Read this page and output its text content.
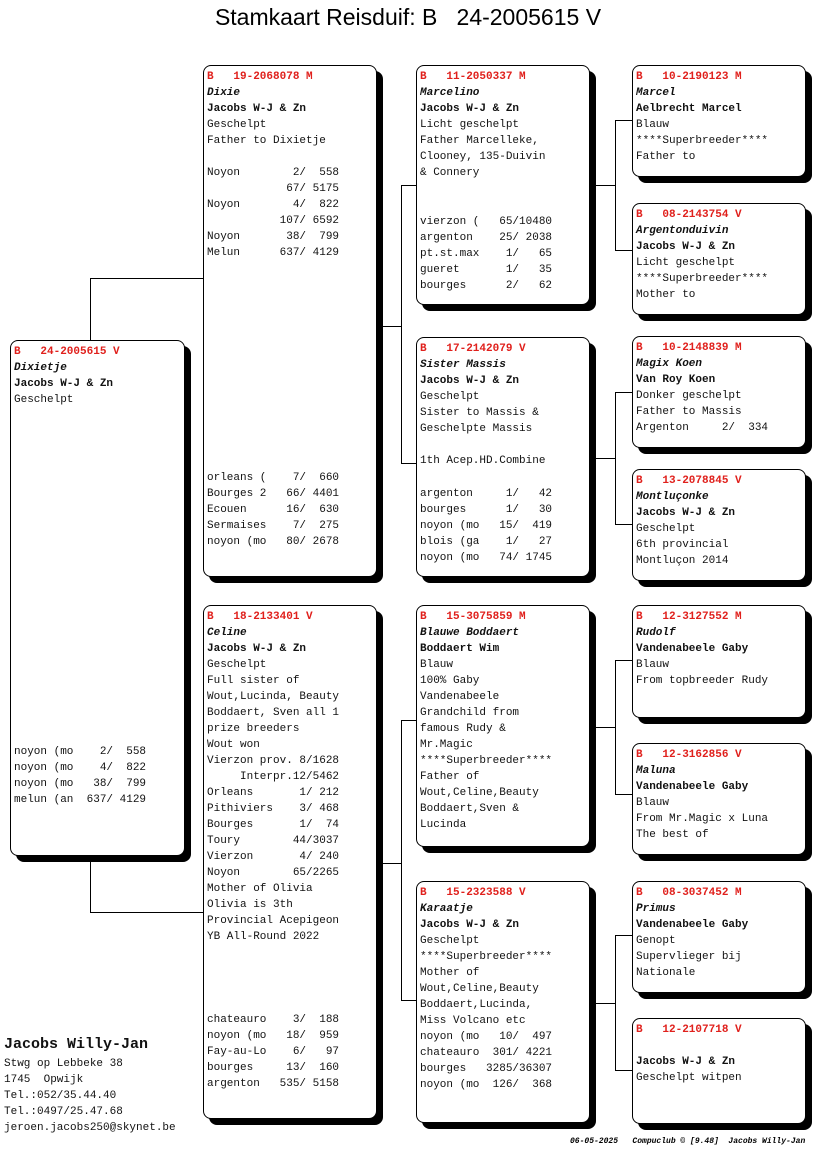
Stamkaart Reisduif: B   24-2005615 V
B   24-2005615 V
Dixietje
Jacobs W-J & Zn
Geschelpt
noyon (mo    2/  558
noyon (mo    4/  822
noyon (mo   38/  799
melun (an  637/ 4129
B   19-2068078 M
Dixie
Jacobs W-J & Zn
Geschelpt
Father to Dixietje
Noyon        2/  558
67/ 5175
Noyon        4/  822
107/ 6592
Noyon       38/  799
Melun      637/ 4129
orleans (    7/  660
Bourges 2   66/ 4401
Ecouen      16/  630
Sermaises    7/  275
noyon (mo   80/ 2678
B   18-2133401 V
Celine
Jacobs W-J & Zn
Geschelpt
Full sister of
Wout,Lucinda, Beauty
Boddaert, Sven all 1
prize breeders
Wout won
Vierzon prov. 8/1628
Interpr.12/5462
Orleans       1/ 212
Pithiviers    3/ 468
Bourges       1/  74
Toury        44/3037
Vierzon       4/ 240
Noyon        65/2265
Mother of Olivia
Olivia is 3th
Provincial Acepigeon
YB All-Round 2022
chateauro    3/  188
noyon (mo   18/  959
Fay-au-Lo    6/   97
bourges     13/  160
argenton   535/ 5158
B   11-2050337 M
Marcelino
Jacobs W-J & Zn
Licht geschelpt
Father Marcelleke,
Clooney, 135-Duivin
& Connery
vierzon (   65/10480
argenton    25/ 2038
pt.st.max    1/   65
gueret       1/   35
bourges      2/   62
B   17-2142079 V
Sister Massis
Jacobs W-J & Zn
Geschelpt
Sister to Massis &
Geschelpte Massis
1th Acep.HD.Combine
argenton     1/   42
bourges      1/   30
noyon (mo   15/  419
blois (ga    1/   27
noyon (mo   74/ 1745
B   15-3075859 M
Blauwe Boddaert
Boddaert Wim
Blauw
100% Gaby
Vandenabeele
Grandchild from
famous Rudy &
Mr.Magic
****Superbreeder****
Father of
Wout,Celine,Beauty
Boddaert,Sven &
Lucinda
B   15-2323588 V
Karaatje
Jacobs W-J & Zn
Geschelpt
****Superbreeder****
Mother of
Wout,Celine,Beauty
Boddaert,Lucinda,
Miss Volcano etc
noyon (mo   10/  497
chateauro  301/ 4221
bourges   3285/36307
noyon (mo  126/  368
B   10-2190123 M
Marcel
Aelbrecht Marcel
Blauw
****Superbreeder****
Father to
B   08-2143754 V
Argentonduivin
Jacobs W-J & Zn
Licht geschelpt
****Superbreeder****
Mother to
B   10-2148839 M
Magix Koen
Van Roy Koen
Donker geschelpt
Father to Massis
Argenton     2/  334
B   13-2078845 V
Montluçonke
Jacobs W-J & Zn
Geschelpt
6th provincial
Montluçon 2014
B   12-3127552 M
Rudolf
Vandenabeele Gaby
Blauw
From topbreeder Rudy
B   12-3162856 V
Maluna
Vandenabeele Gaby
Blauw
From Mr.Magic x Luna
The best of
B   08-3037452 M
Primus
Vandenabeele Gaby
Genopt
Supervlieger bij
Nationale
B   12-2107718 V
Jacobs W-J & Zn
Geschelpt witpen
Jacobs Willy-Jan
Stwg op Lebbeke 38
1745  Opwijk
Tel.:052/35.44.40
Tel.:0497/25.47.68
jeroen.jacobs250@skynet.be
06-05-2025   Compuclub © [9.48]  Jacobs Willy-Jan
